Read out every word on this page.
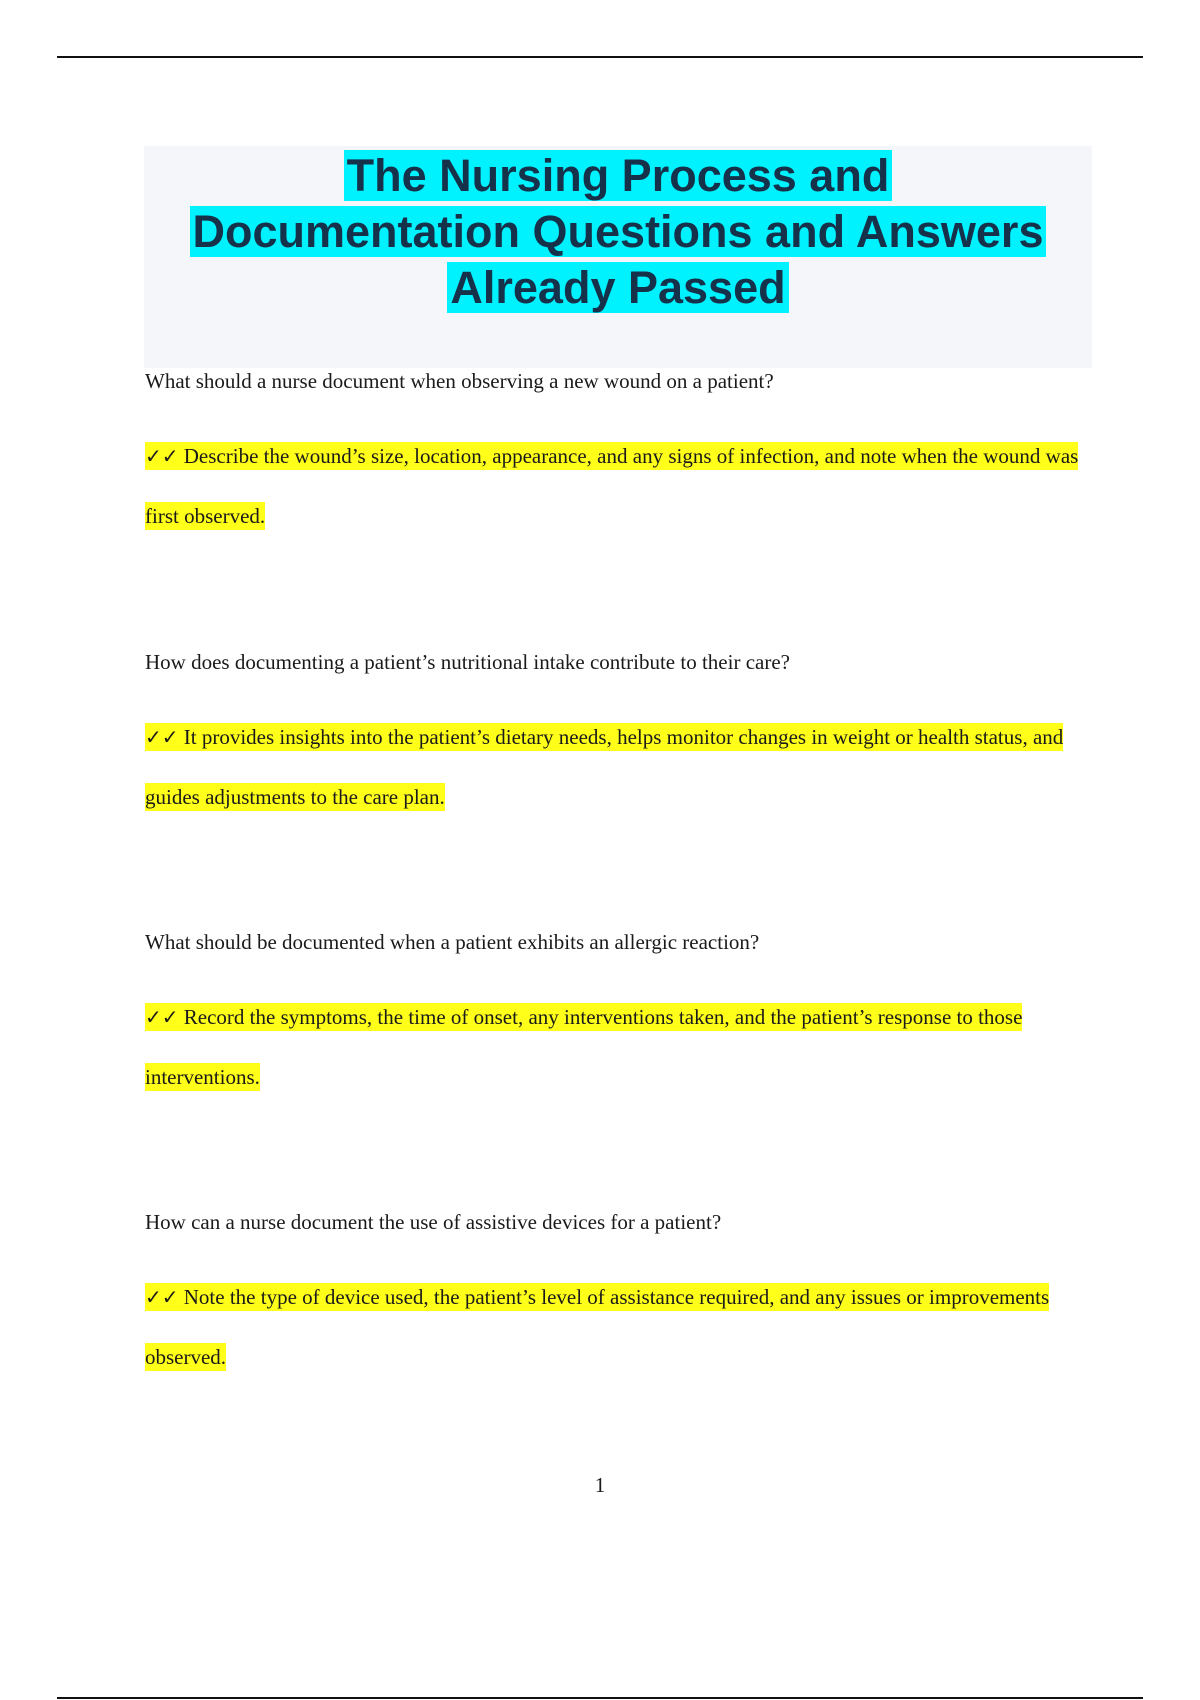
The Nursing Process and
Documentation Questions and Answers
Already Passed

What should a nurse document when observing a new wound on a patient?

✓✓ Describe the wound’s size, location, appearance, and any signs of infection, and note when the wound was first observed.

How does documenting a patient’s nutritional intake contribute to their care?

✓✓ It provides insights into the patient’s dietary needs, helps monitor changes in weight or health status, and guides adjustments to the care plan.

What should be documented when a patient exhibits an allergic reaction?

✓✓ Record the symptoms, the time of onset, any interventions taken, and the patient’s response to those interventions.

How can a nurse document the use of assistive devices for a patient?

✓✓ Note the type of device used, the patient’s level of assistance required, and any issues or improvements observed.

1
